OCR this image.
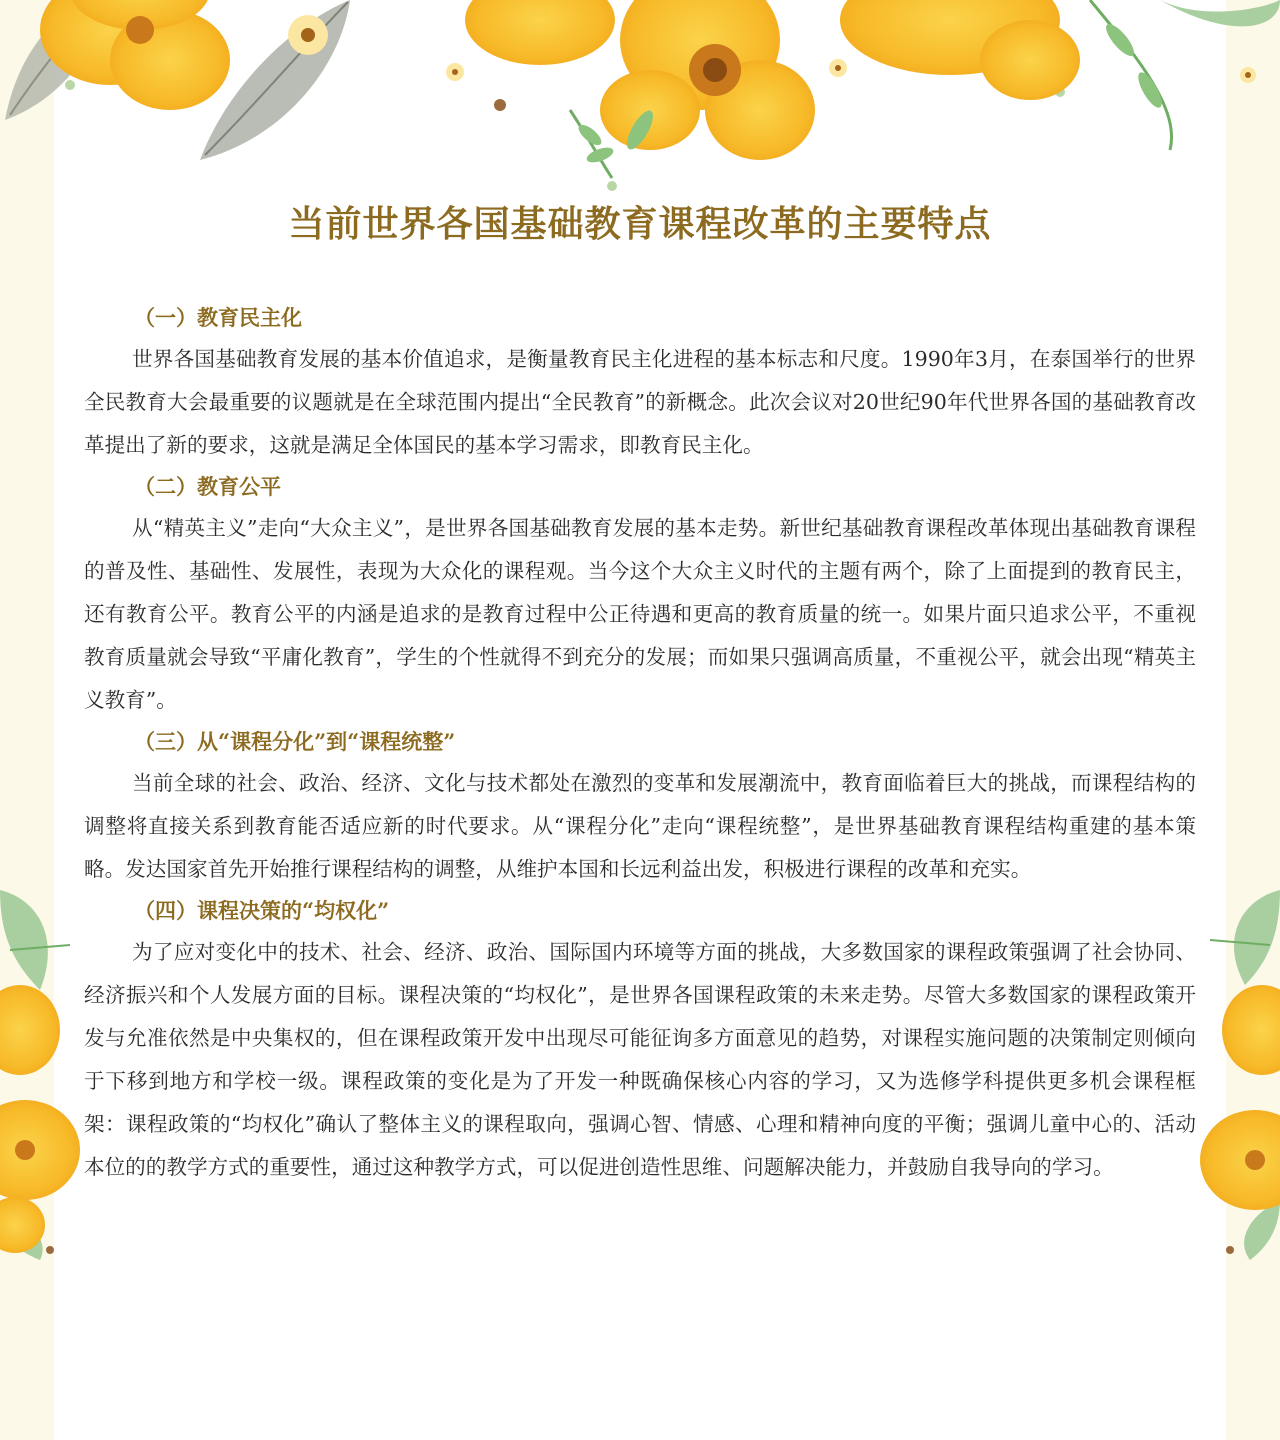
当前世界各国基础教育课程改革的主要特点
（一）教育民主化

世界各国基础教育发展的基本价值追求，是衡量教育民主化进程的基本标志和尺度。1990年3月，在泰国举行的世界全民教育大会最重要的议题就是在全球范围内提出“全民教育”的新概念。此次会议对20世纪90年代世界各国的基础教育改革提出了新的要求，这就是满足全体国民的基本学习需求，即教育民主化。

（二）教育公平

从“精英主义”走向“大众主义”，是世界各国基础教育发展的基本走势。新世纪基础教育课程改革体现出基础教育课程的普及性、基础性、发展性，表现为大众化的课程观。当今这个大众主义时代的主题有两个，除了上面提到的教育民主，还有教育公平。教育公平的内涵是追求的是教育过程中公正待遇和更高的教育质量的统一。如果片面只追求公平，不重视教育质量就会导致“平庸化教育”，学生的个性就得不到充分的发展；而如果只强调高质量，不重视公平，就会出现“精英主义教育”。

（三）从“课程分化”到“课程统整”

当前全球的社会、政治、经济、文化与技术都处在激烈的变革和发展潮流中，教育面临着巨大的挑战，而课程结构的调整将直接关系到教育能否适应新的时代要求。从“课程分化”走向“课程统整”，是世界基础教育课程结构重建的基本策略。发达国家首先开始推行课程结构的调整，从维护本国和长远利益出发，积极进行课程的改革和充实。

（四）课程决策的“均权化”

为了应对变化中的技术、社会、经济、政治、国际国内环境等方面的挑战，大多数国家的课程政策强调了社会协同、经济振兴和个人发展方面的目标。课程决策的“均权化”，是世界各国课程政策的未来走势。尽管大多数国家的课程政策开发与允准依然是中央集权的，但在课程政策开发中出现尽可能征询多方面意见的趋势，对课程实施问题的决策制定则倾向于下移到地方和学校一级。课程政策的变化是为了开发一种既确保核心内容的学习，又为选修学科提供更多机会课程框架：课程政策的“均权化”确认了整体主义的课程取向，强调心智、情感、心理和精神向度的平衡；强调儿童中心的、活动本位的的教学方式的重要性，通过这种教学方式，可以促进创造性思维、问题解决能力，并鼓励自我导向的学习。
